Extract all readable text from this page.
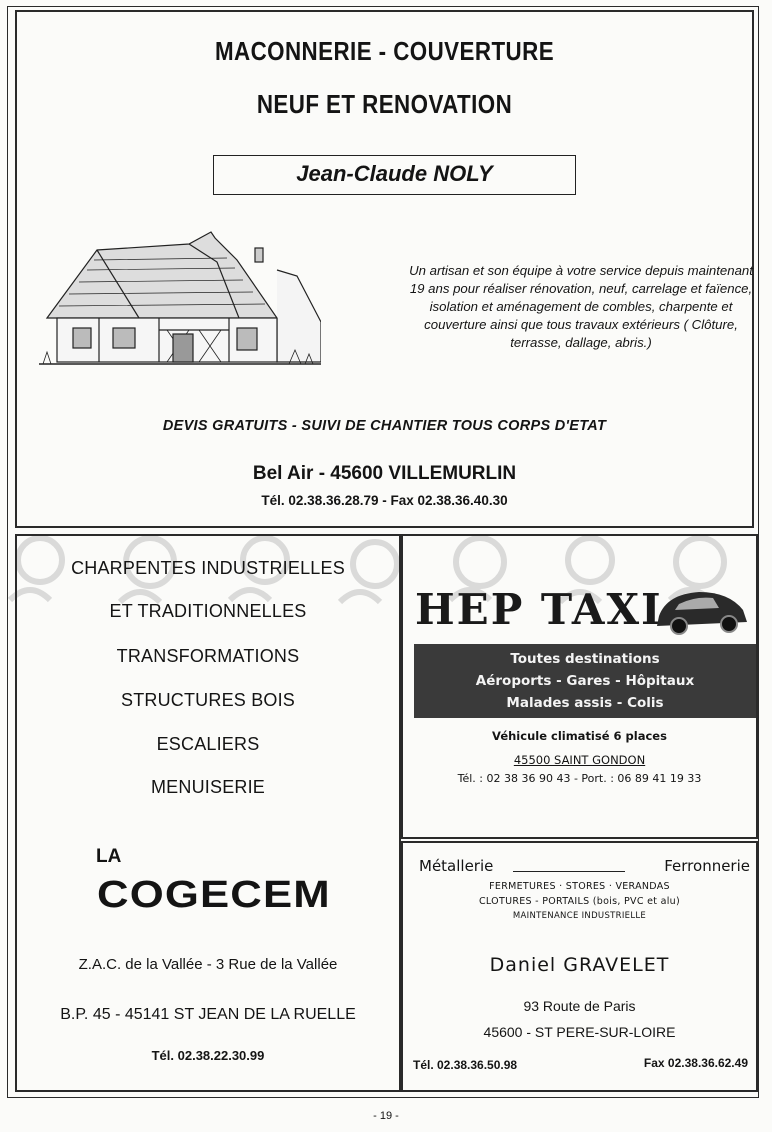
MACONNERIE - COUVERTURE
NEUF ET RENOVATION
Jean-Claude NOLY
Un artisan et son équipe à votre service depuis maintenant 19 ans pour réaliser rénovation, neuf, carrelage et faïence, isolation et aménagement de combles, charpente et couverture ainsi que tous travaux extérieurs ( Clôture, terrasse, dallage, abris.)
DEVIS GRATUITS - SUIVI DE CHANTIER TOUS CORPS D'ETAT
Bel Air - 45600 VILLEMURLIN
Tél. 02.38.36.28.79 - Fax 02.38.36.40.30
CHARPENTES INDUSTRIELLES
ET TRADITIONNELLES
TRANSFORMATIONS
STRUCTURES BOIS
ESCALIERS
MENUISERIE
LA
COGECEM
Z.A.C. de la Vallée - 3 Rue de la Vallée
B.P. 45 - 45141 ST JEAN DE LA RUELLE
Tél. 02.38.22.30.99
HEP TAXI
Toutes destinations
Aéroports - Gares - Hôpitaux
Malades assis - Colis
Véhicule climatisé 6 places
45500 SAINT GONDON
Tél. : 02 38 36 90 43 - Port. : 06 89 41 19 33
Métallerie	Ferronnerie
FERMETURES · STORES · VERANDAS
CLOTURES - PORTAILS (bois, PVC et alu)
MAINTENANCE INDUSTRIELLE
Daniel GRAVELET
93 Route de Paris
45600 - ST PERE-SUR-LOIRE
Tél. 02.38.36.50.98	Fax 02.38.36.62.49
- 19 -
